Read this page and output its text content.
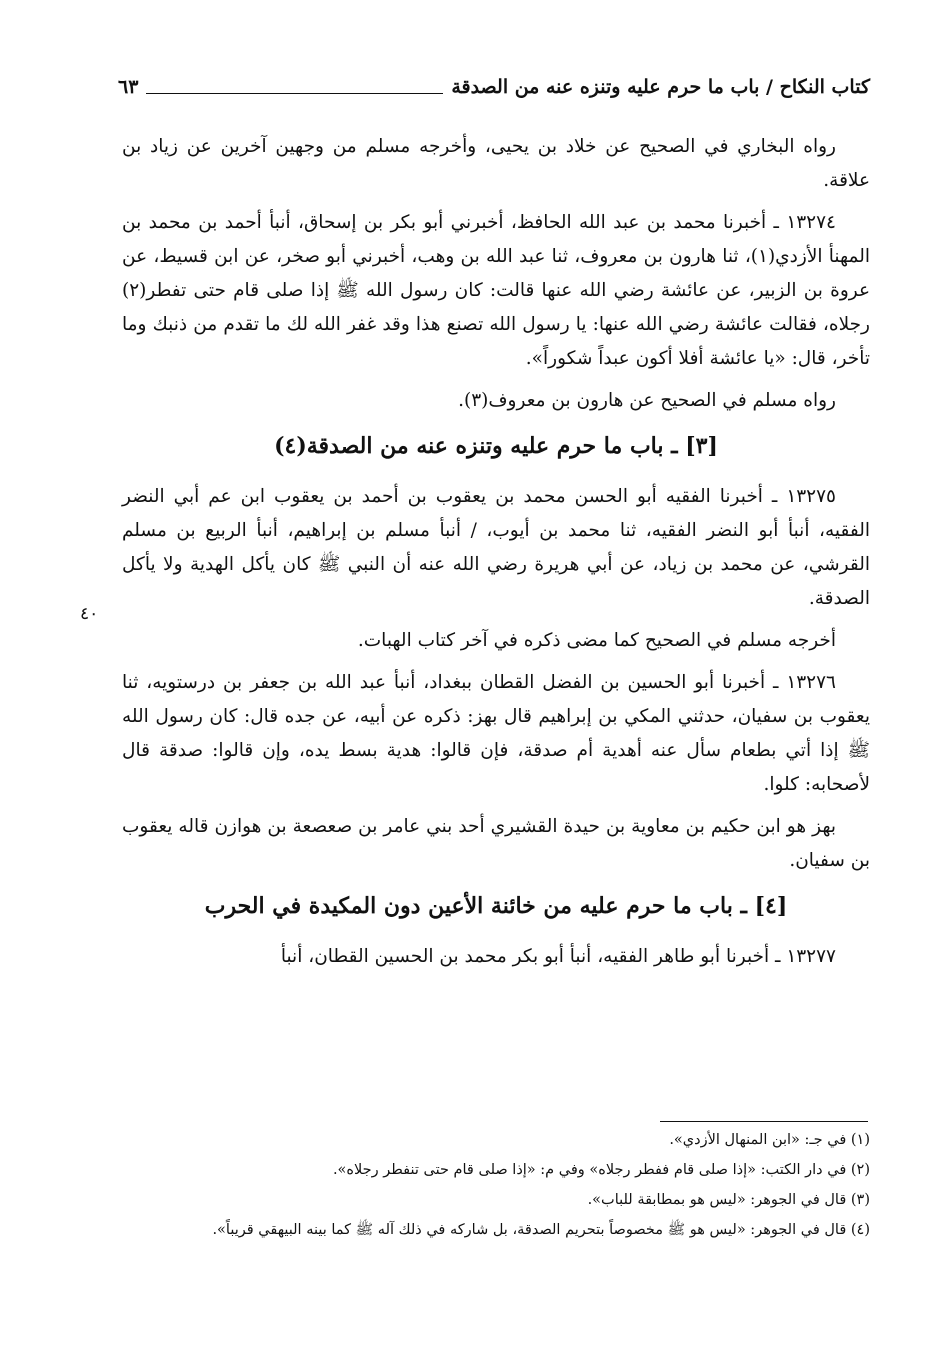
كتاب النكاح / باب ما حرم عليه وتنزه عنه من الصدقة
٦٣
٤٠

رواه البخاري في الصحيح عن خلاد بن يحيى، وأخرجه مسلم من وجهين آخرين عن زياد بن علاقة.

١٣٢٧٤ ـ أخبرنا محمد بن عبد الله الحافظ، أخبرني أبو بكر بن إسحاق، أنبأ أحمد بن محمد بن المهنأ الأزدي(١)، ثنا هارون بن معروف، ثنا عبد الله بن وهب، أخبرني أبو صخر، عن ابن قسيط، عن عروة بن الزبير، عن عائشة رضي الله عنها قالت: كان رسول الله ﷺ إذا صلى قام حتى تفطر(٢) رجلاه، فقالت عائشة رضي الله عنها: يا رسول الله تصنع هذا وقد غفر الله لك ما تقدم من ذنبك وما تأخر، قال: «يا عائشة أفلا أكون عبداً شكوراً».

رواه مسلم في الصحيح عن هارون بن معروف(٣).

[٣] ـ باب ما حرم عليه وتنزه عنه من الصدقة(٤)

١٣٢٧٥ ـ أخبرنا الفقيه أبو الحسن محمد بن يعقوب بن أحمد بن يعقوب ابن عم أبي النضر الفقيه، أنبأ أبو النضر الفقيه، ثنا محمد بن أيوب، / أنبأ مسلم بن إبراهيم، أنبأ الربيع بن مسلم القرشي، عن محمد بن زياد، عن أبي هريرة رضي الله عنه أن النبي ﷺ كان يأكل الهدية ولا يأكل الصدقة.

أخرجه مسلم في الصحيح كما مضى ذكره في آخر كتاب الهبات.

١٣٢٧٦ ـ أخبرنا أبو الحسين بن الفضل القطان ببغداد، أنبأ عبد الله بن جعفر بن درستويه، ثنا يعقوب بن سفيان، حدثني المكي بن إبراهيم قال بهز: ذكره عن أبيه، عن جده قال: كان رسول الله ﷺ إذا أتي بطعام سأل عنه أهدية أم صدقة، فإن قالوا: هدية بسط يده، وإن قالوا: صدقة قال لأصحابه: كلوا.

بهز هو ابن حكيم بن معاوية بن حيدة القشيري أحد بني عامر بن صعصعة بن هوازن قاله يعقوب بن سفيان.

[٤] ـ باب ما حرم عليه من خائنة الأعين دون المكيدة في الحرب

١٣٢٧٧ ـ أخبرنا أبو طاهر الفقيه، أنبأ أبو بكر محمد بن الحسين القطان، أنبأ

(١) في جـ: «ابن المنهال الأزدي».

(٢) في دار الكتب: «إذا صلى قام ففطر رجلاه» وفي م: «إذا صلى قام حتى تنفطر رجلاه».

(٣) قال في الجوهر: «ليس هو بمطابقة للباب».

(٤) قال في الجوهر: «ليس هو ﷺ مخصوصاً بتحريم الصدقة، بل شاركه في ذلك آله ﷺ كما بينه البيهقي قريباً».
